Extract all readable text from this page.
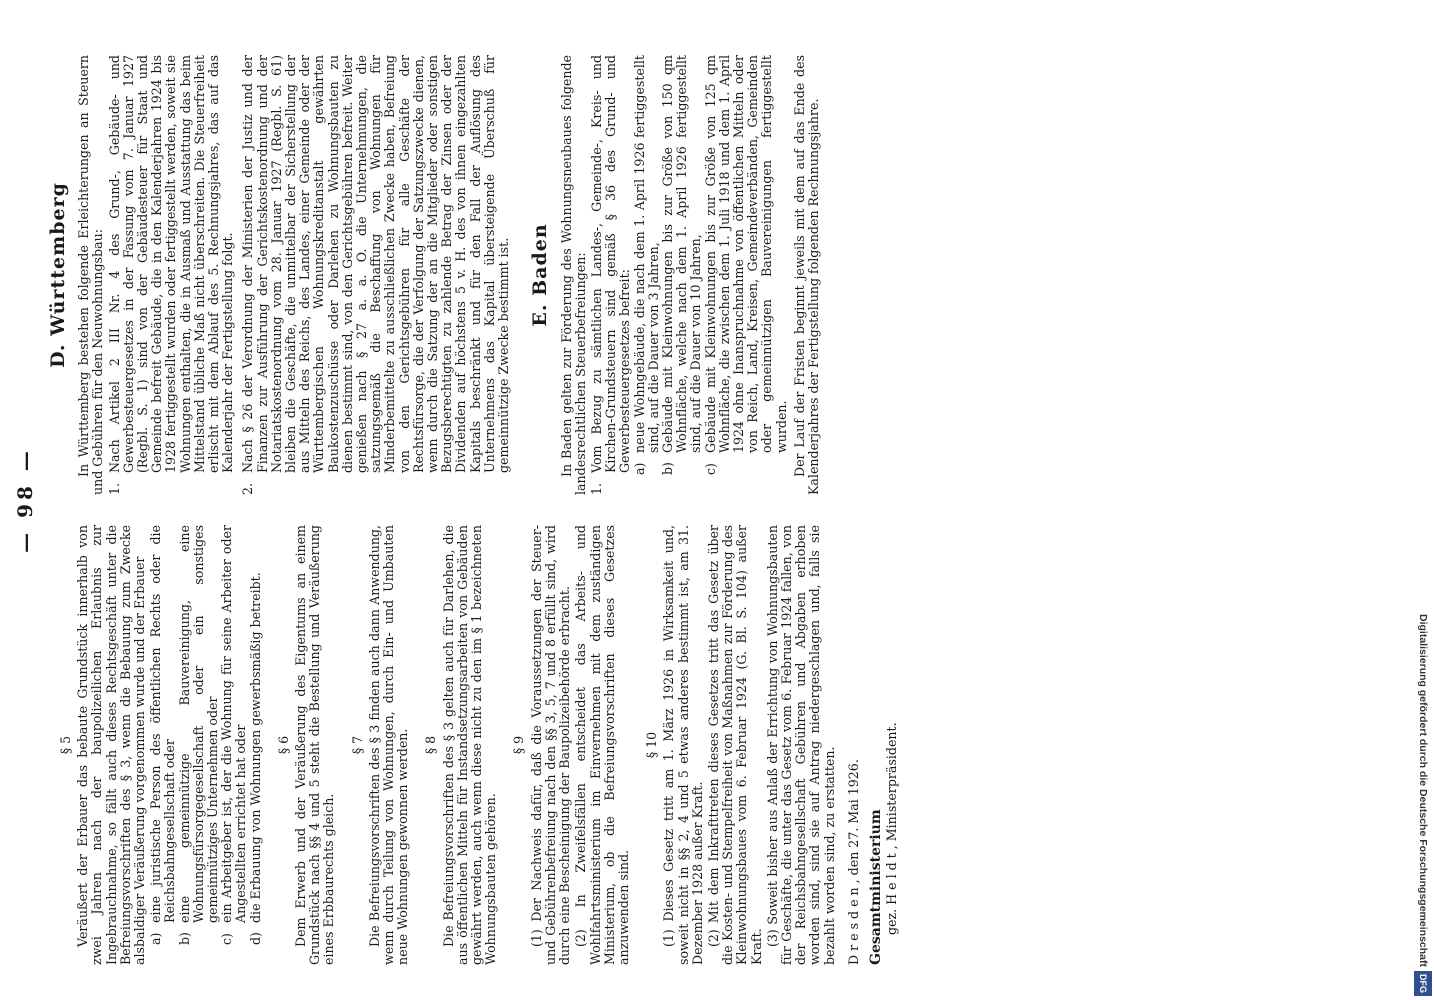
— 98 —
§ 5 Veräußert der Erbauer das bebaute Grundstück innerhalb von zwei Jahren nach der baupolizeilichen Erlaubnis zur Ingebrauchnahme, so fällt auch dieses Rechtsgeschäft unter die Befreiungsvorschriften des § 3, wenn die Bebauung zum Zwecke alsbaldiger Veräußerung vorgenommen wurde und der Erbauer a)
eine juristische Person des öffentlichen Rechts oder die Reichsbahngesellschaft oder
b)
eine gemeinnützige Bauvereinigung, eine Wohnungsfürsorgegesellschaft oder ein sonstiges gemeinnütziges Unternehmen oder
c)
ein Arbeitgeber ist, der die Wohnung für seine Arbeiter oder Angestellten errichtet hat oder
d)
die Erbauung von Wohnungen gewerbsmäßig betreibt. § 6 Dem Erwerb und der Veräußerung des Eigentums an einem Grundstück nach §§ 4 und 5 steht die Bestellung und Veräußerung eines Erbbaurechts gleich.
§ 7 Die Befreiungsvorschriften des § 3 finden auch dann Anwendung, wenn durch Teilung von Wohnungen, durch Ein- und Umbauten neue Wohnungen gewonnen werden. § 8 Die Befreiungsvorschriften des § 3 gelten auch für Darlehen, die aus öffentlichen Mitteln für Instandsetzungsarbeiten von Gebäuden gewährt werden, auch wenn diese nicht zu den im § 1 bezeichneten Wohnungsbauten gehören.
§ 9 (1) Der Nachweis dafür, daß die Voraussetzungen der Steuer- und Gebührenbefreiung nach den §§ 3, 5, 7 und 8 erfüllt sind, wird durch eine Bescheinigung der Baupolizeibehörde erbracht. (2) In Zweifelsfällen entscheidet das Arbeits- und Wohlfahrtsministerium im Einvernehmen mit dem zuständigen Ministerium, ob die Befreiungsvorschriften dieses Gesetzes anzuwenden sind.
§ 10 (1) Dieses Gesetz tritt am 1. März 1926 in Wirksamkeit und, soweit nicht in §§ 2, 4 und 5 etwas anderes bestimmt ist, am 31. Dezember 1928 außer Kraft. (2) Mit dem Inkrafttreten dieses Gesetzes tritt das Gesetz über die Kosten- und Stempelfreiheit von Maßnahmen zur Förderung des Kleinwohnungsbaues vom 6. Februar 1924 (G. Bl. S. 104) außer Kraft. (3) Soweit bisher aus Anlaß der Errichtung von Wohnungsbauten für Geschäfte, die unter das Gesetz vom 6. Februar 1924 fallen, von der Reichsbahngesellschaft Gebühren und Abgaben erhoben worden sind, sind sie auf Antrag niedergeschlagen und, falls sie bezahlt worden sind, zu erstatten. Dresden, den 27. Mai 1926. Gesamtministerium gez. Heldt, Ministerpräsident.
D. Württemberg In Württemberg bestehen folgende Erleichterungen an Steuern und Gebühren für den Neuwohnungsbau: 1.
Nach Artikel 2 III Nr. 4 des Grund-, Gebäude- und Gewerbesteuergesetzes in der Fassung vom 7. Januar 1927 (Regbl. S. 1) sind von der Gebäudesteuer für Staat und Gemeinde befreit Gebäude, die in den Kalenderjahren 1924 bis 1928 fertiggestellt wurden oder fertiggestellt werden, soweit sie Wohnungen enthalten, die in Ausmaß und Ausstattung das beim Mittelstand übliche Maß nicht überschreiten. Die Steuerfreiheit erlischt mit dem Ablauf des 5. Rechnungsjahres, das auf das Kalenderjahr der Fertigstellung folgt.
2.
Nach § 26 der Verordnung der Ministerien der Justiz und der Finanzen zur Ausführung der Gerichtskostenordnung und der Notariatskostenordnung vom 28. Januar 1927 (Regbl. S. 61) bleiben die Geschäfte, die unmittelbar der Sicherstellung der aus Mitteln des Reichs, des Landes, einer Gemeinde oder der Württembergischen Wohnungskreditanstalt gewährten Baukostenzuschüsse oder Darlehen zu Wohnungsbauten zu dienen bestimmt sind, von den Gerichtsgebühren befreit. Weiter genießen nach § 27 a. a. O. die Unternehmungen, die satzungsgemäß die Beschaffung von Wohnungen für Minderbemittelte zu ausschließlichen Zwecke haben, Befreiung von den Gerichtsgebühren für alle Geschäfte der Rechtsfürsorge, die der Verfolgung der Satzungszwecke dienen, wenn durch die Satzung der an die Mitglieder oder sonstigen Bezugsberechtigten zu zahlende Betrag der Zinsen oder der Dividenden auf höchstens 5 v. H. des von ihnen eingezahlten Kapitals beschränkt und für den Fall der Auflösung des Unternehmens das Kapital übersteigende Überschuß für gemeinnützige Zwecke bestimmt ist. E. Baden In Baden gelten zur Förderung des Wohnungsneubaues folgende landesrechtlichen Steuerbefreiungen: 1.
Vom Bezug zu sämtlichen Landes-, Gemeinde-, Kreis- und Kirchen-Grundsteuern sind gemäß § 36 des Grund- und Gewerbesteuergesetzes befreit: a)
neue Wohngebäude, die nach dem 1. April 1926 fertiggestellt sind, auf die Dauer von 3 Jahren,
b)
Gebäude mit Kleinwohnungen bis zur Größe von 150 qm Wohnfläche, welche nach dem 1. April 1926 fertiggestellt sind, auf die Dauer von 10 Jahren,
c)
Gebäude mit Kleinwohnungen bis zur Größe von 125 qm Wohnfläche, die zwischen dem 1. Juli 1918 und dem 1. April 1924 ohne Inanspruchnahme von öffentlichen Mitteln oder von Reich, Land, Kreisen, Gemeindeverbänden, Gemeinden oder gemeinnützigen Bauvereinigungen fertiggestellt wurden. Der Lauf der Fristen beginnt jeweils mit dem auf das Ende des Kalenderjahres der Fertigstellung folgenden Rechnungsjahre.
Digitalisierung gefördert durch die Deutsche ForschungsgemeinschaftDFG
